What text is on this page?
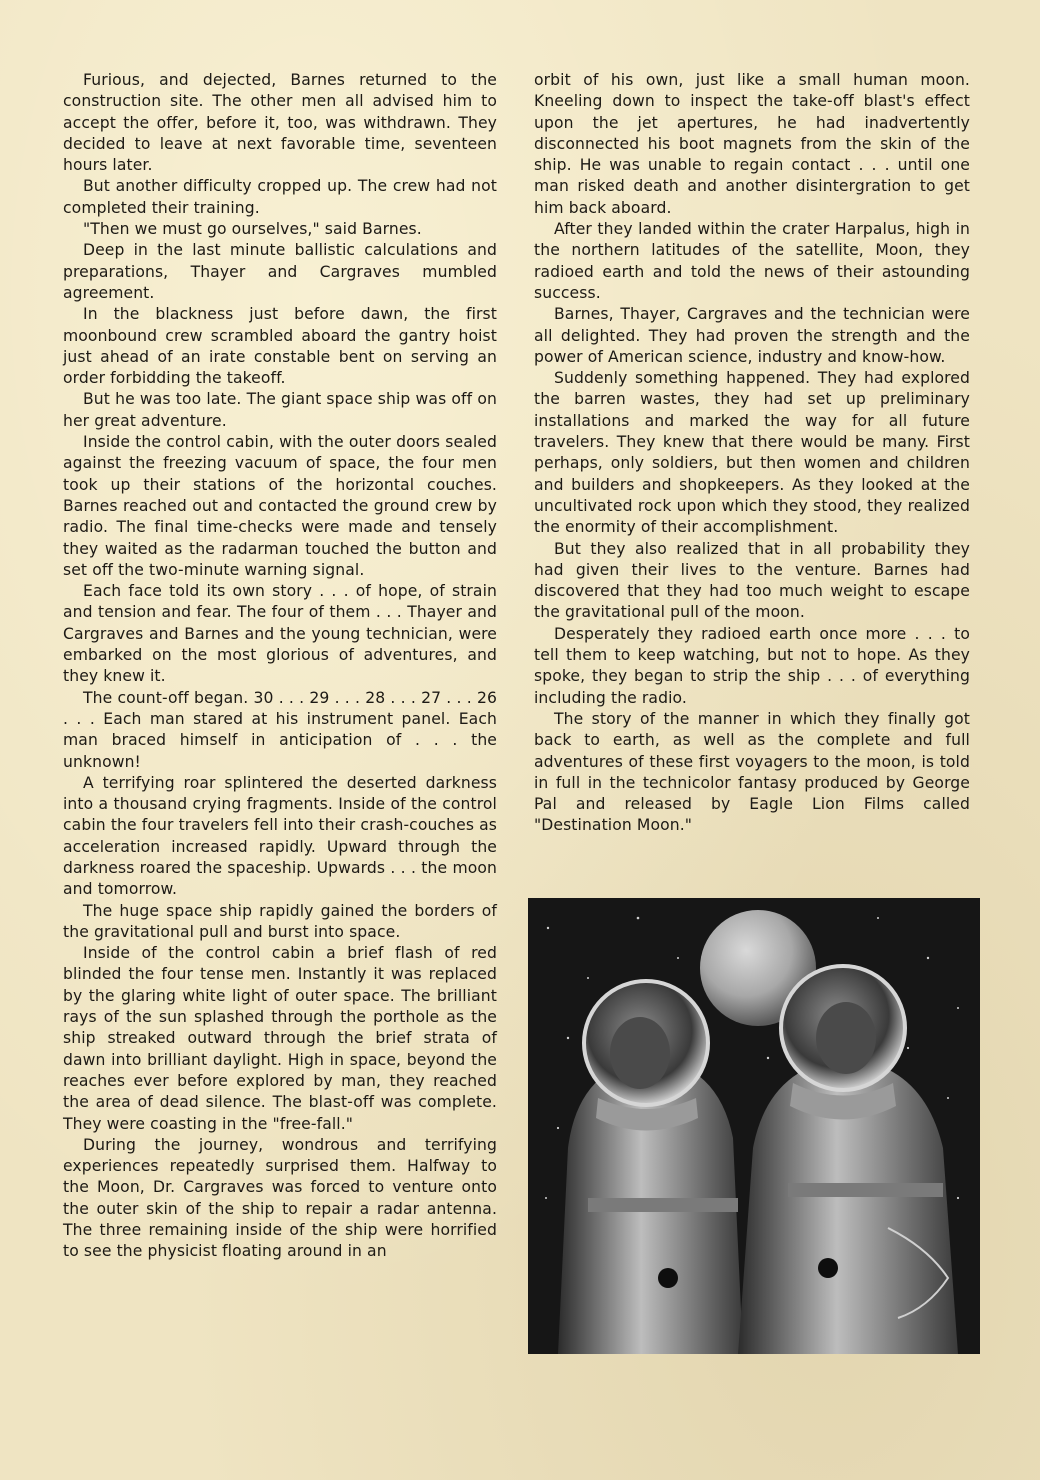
Furious, and dejected, Barnes returned to the construction site. The other men all advised him to accept the offer, before it, too, was withdrawn. They decided to leave at next favorable time, seventeen hours later.

But another difficulty cropped up. The crew had not completed their training.

"Then we must go ourselves," said Barnes.

Deep in the last minute ballistic calculations and preparations, Thayer and Cargraves mumbled agreement.

In the blackness just before dawn, the first moonbound crew scrambled aboard the gantry hoist just ahead of an irate constable bent on serving an order forbidding the takeoff.

But he was too late. The giant space ship was off on her great adventure.

Inside the control cabin, with the outer doors sealed against the freezing vacuum of space, the four men took up their stations of the horizontal couches. Barnes reached out and contacted the ground crew by radio. The final time-checks were made and tensely they waited as the radarman touched the button and set off the two-minute warning signal.

Each face told its own story . . . of hope, of strain and tension and fear. The four of them . . . Thayer and Cargraves and Barnes and the young technician, were embarked on the most glorious of adventures, and they knew it.

The count-off began. 30 . . . 29 . . . 28 . . . 27 . . . 26 . . . Each man stared at his instrument panel. Each man braced himself in anticipation of . . . the unknown!

A terrifying roar splintered the deserted darkness into a thousand crying fragments. Inside of the control cabin the four travelers fell into their crash-couches as acceleration increased rapidly. Upward through the darkness roared the spaceship. Upwards . . . the moon and tomorrow.

The huge space ship rapidly gained the borders of the gravitational pull and burst into space.

Inside of the control cabin a brief flash of red blinded the four tense men. Instantly it was replaced by the glaring white light of outer space. The brilliant rays of the sun splashed through the porthole as the ship streaked outward through the brief strata of dawn into brilliant daylight. High in space, beyond the reaches ever before explored by man, they reached the area of dead silence. The blast-off was complete. They were coasting in the "free-fall."

During the journey, wondrous and terrifying experiences repeatedly surprised them. Halfway to the Moon, Dr. Cargraves was forced to venture onto the outer skin of the ship to repair a radar antenna. The three remaining inside of the ship were horrified to see the physicist floating around in an

orbit of his own, just like a small human moon. Kneeling down to inspect the take-off blast's effect upon the jet apertures, he had inadvertently disconnected his boot magnets from the skin of the ship. He was unable to regain contact . . . until one man risked death and another disintergration to get him back aboard.

After they landed within the crater Harpalus, high in the northern latitudes of the satellite, Moon, they radioed earth and told the news of their astounding success.

Barnes, Thayer, Cargraves and the technician were all delighted. They had proven the strength and the power of American science, industry and know-how.

Suddenly something happened. They had explored the barren wastes, they had set up preliminary installations and marked the way for all future travelers. They knew that there would be many. First perhaps, only soldiers, but then women and children and builders and shopkeepers. As they looked at the uncultivated rock upon which they stood, they realized the enormity of their accomplishment.

But they also realized that in all probability they had given their lives to the venture. Barnes had discovered that they had too much weight to escape the gravitational pull of the moon.

Desperately they radioed earth once more . . . to tell them to keep watching, but not to hope. As they spoke, they began to strip the ship . . . of everything including the radio.

The story of the manner in which they finally got back to earth, as well as the complete and full adventures of these first voyagers to the moon, is told in full in the technicolor fantasy produced by George Pal and released by Eagle Lion Films called "Destination Moon."
